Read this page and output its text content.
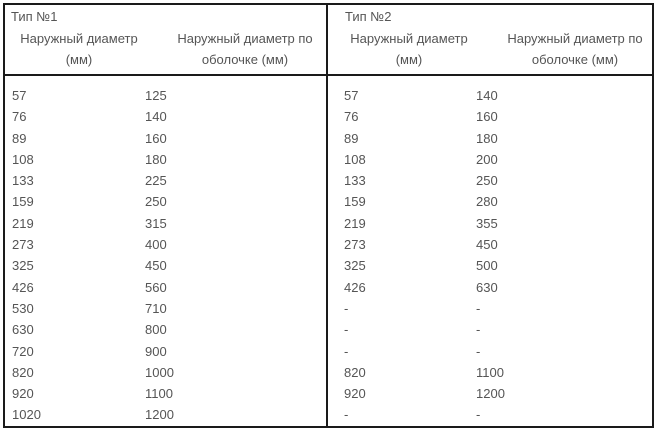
Тип №1
Наружный диаметр
(мм)
Наружный диаметр по
оболочке (мм)
Тип №2
Наружный диаметр
(мм)
Наружный диаметр по
оболочке (мм)
57	125
76	140
89	160
108	180
133	225
159	250
219	315
273	400
325	450
426	560
530	710
630	800
720	900
820	1000
920	1100
1020	1200
57	140
76	160
89	180
108	200
133	250
159	280
219	355
273	450
325	500
426	630
-	-
-	-
-	-
820	1100
920	1200
-	-
